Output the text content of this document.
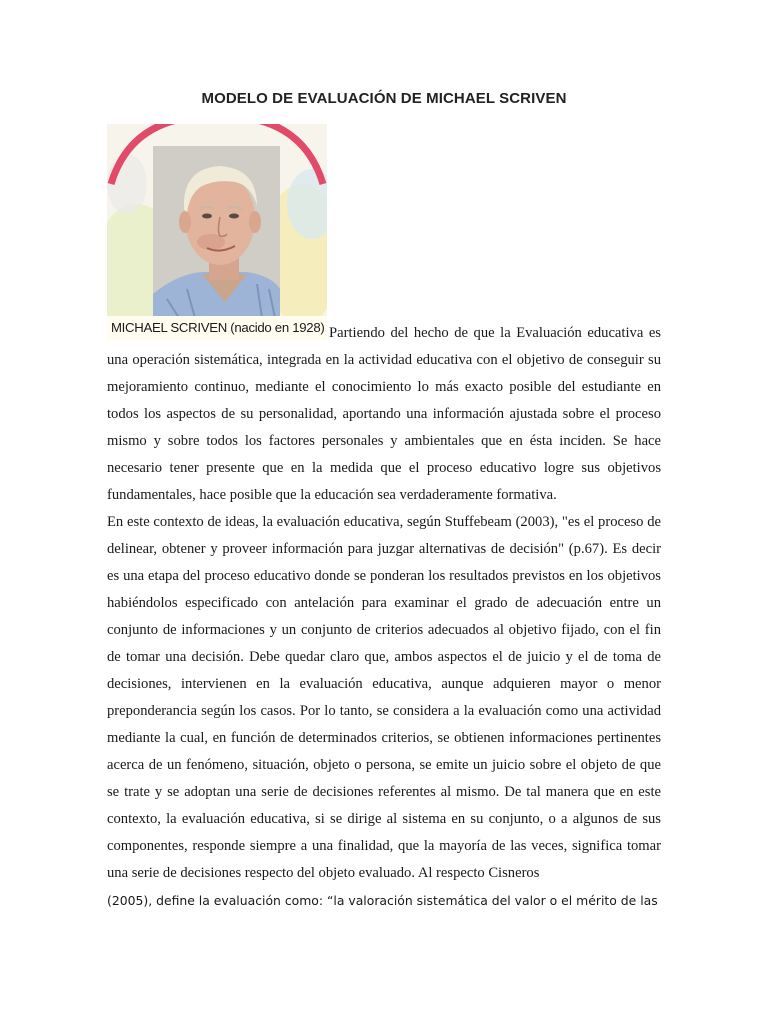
MODELO DE EVALUACIÓN DE MICHAEL SCRIVEN
MICHAEL SCRIVEN (nacido en 1928) Partiendo del hecho de que la Evaluación educativa es una operación sistemática, integrada en la actividad educativa con el objetivo de conseguir su mejoramiento continuo, mediante el conocimiento lo más exacto posible del estudiante en todos los aspectos de su personalidad, aportando una información ajustada sobre el proceso mismo y sobre todos los factores personales y ambientales que en ésta inciden. Se hace necesario tener presente que en la medida que el proceso educativo logre sus objetivos fundamentales, hace posible que la educación sea verdaderamente formativa.

En este contexto de ideas, la evaluación educativa, según Stuffebeam (2003), "es el proceso de delinear, obtener y proveer información para juzgar alternativas de decisión" (p.67). Es decir es una etapa del proceso educativo donde se ponderan los resultados previstos en los objetivos habiéndolos especificado con antelación para examinar el grado de adecuación entre un conjunto de informaciones y un conjunto de criterios adecuados al objetivo fijado, con el fin de tomar una decisión. Debe quedar claro que, ambos aspectos el de juicio y el de toma de decisiones, intervienen en la evaluación educativa, aunque adquieren mayor o menor preponderancia según los casos. Por lo tanto, se considera a la evaluación como una actividad mediante la cual, en función de determinados criterios, se obtienen informaciones pertinentes acerca de un fenómeno, situación, objeto o persona, se emite un juicio sobre el objeto de que se trate y se adoptan una serie de decisiones referentes al mismo. De tal manera que en este contexto, la evaluación educativa, si se dirige al sistema en su conjunto, o a algunos de sus componentes, responde siempre a una finalidad, que la mayoría de las veces, significa tomar una serie de decisiones respecto del objeto evaluado. Al respecto Cisneros

(2005), define la evaluación como: “la valoración sistemática del valor o el mérito de las
